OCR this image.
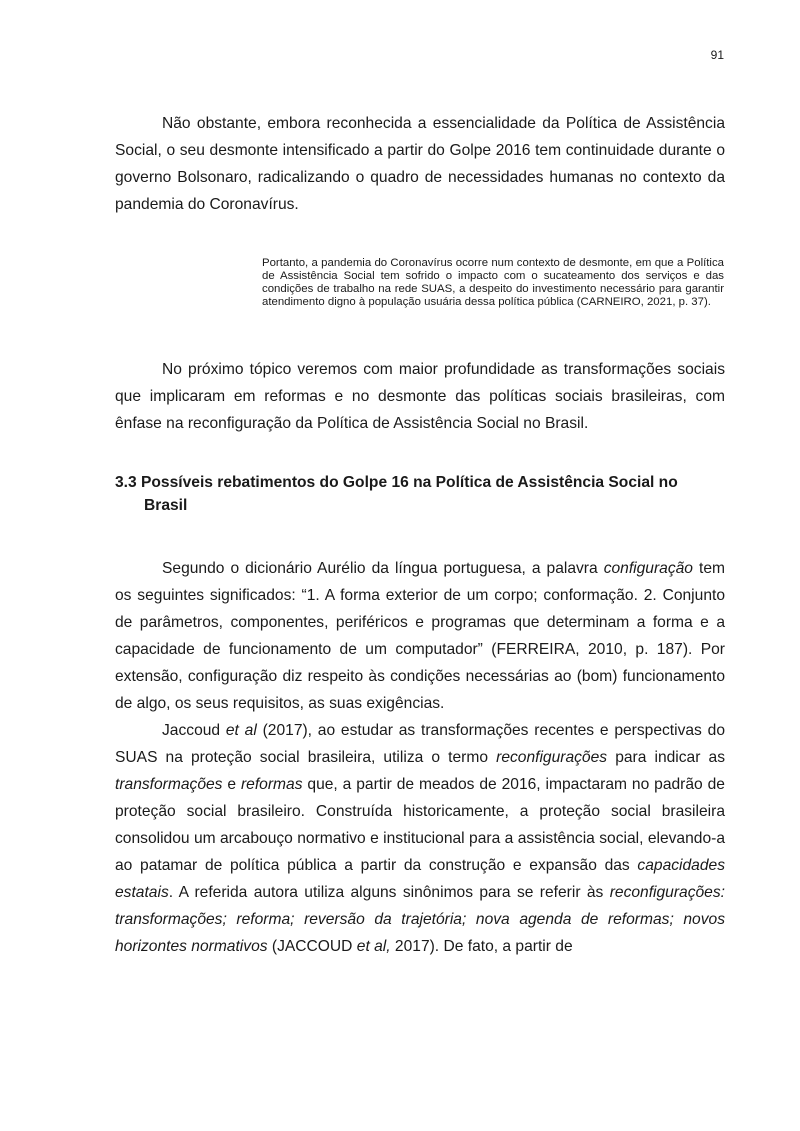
91

Não obstante, embora reconhecida a essencialidade da Política de Assistência Social, o seu desmonte intensificado a partir do Golpe 2016 tem continuidade durante o governo Bolsonaro, radicalizando o quadro de necessidades humanas no contexto da pandemia do Coronavírus.

Portanto, a pandemia do Coronavírus ocorre num contexto de desmonte, em que a Política de Assistência Social tem sofrido o impacto com o sucateamento dos serviços e das condições de trabalho na rede SUAS, a despeito do investimento necessário para garantir atendimento digno à população usuária dessa política pública (CARNEIRO, 2021, p. 37).

No próximo tópico veremos com maior profundidade as transformações sociais que implicaram em reformas e no desmonte das políticas sociais brasileiras, com ênfase na reconfiguração da Política de Assistência Social no Brasil.

3.3 Possíveis rebatimentos do Golpe 16 na Política de Assistência Social no
Brasil

Segundo o dicionário Aurélio da língua portuguesa, a palavra configuração tem os seguintes significados: “1. A forma exterior de um corpo; conformação. 2. Conjunto de parâmetros, componentes, periféricos e programas que determinam a forma e a capacidade de funcionamento de um computador” (FERREIRA, 2010, p. 187). Por extensão, configuração diz respeito às condições necessárias ao (bom) funcionamento de algo, os seus requisitos, as suas exigências.

Jaccoud et al (2017), ao estudar as transformações recentes e perspectivas do SUAS na proteção social brasileira, utiliza o termo reconfigurações para indicar as transformações e reformas que, a partir de meados de 2016, impactaram no padrão de proteção social brasileiro. Construída historicamente, a proteção social brasileira consolidou um arcabouço normativo e institucional para a assistência social, elevando-a ao patamar de política pública a partir da construção e expansão das capacidades estatais. A referida autora utiliza alguns sinônimos para se referir às reconfigurações: transformações; reforma; reversão da trajetória; nova agenda de reformas; novos horizontes normativos (JACCOUD et al, 2017). De fato, a partir de
